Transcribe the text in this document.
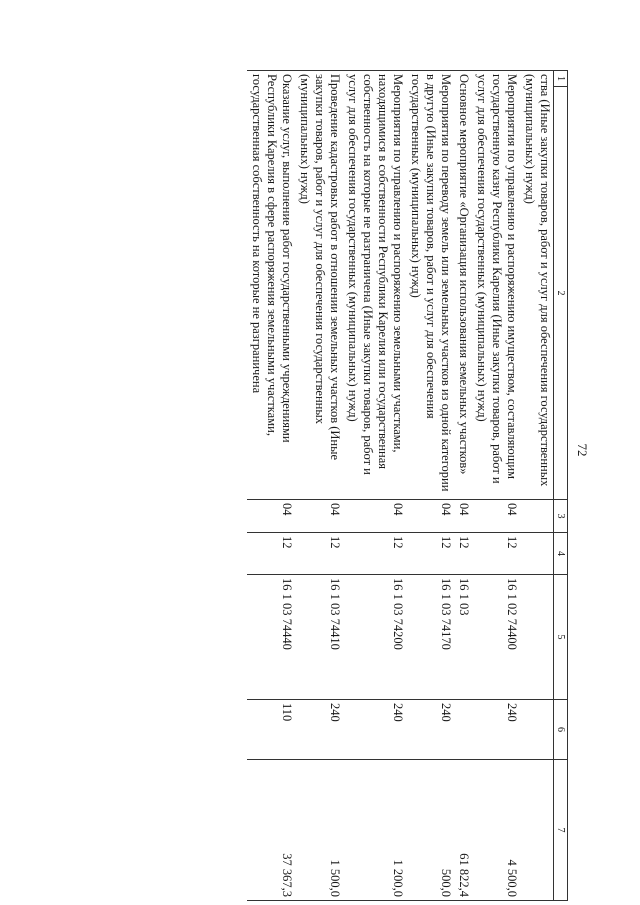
72
1	2	3	4	5	6	7
ства (Иные закупки товаров, работ и услуг для обеспечения государственных (муниципальных) нужд)						
Мероприятия по управлению и распоряжению имуществом, составляющим государственную казну Республики Карелия (Иные закупки товаров, работ и услуг для обеспечения государственных (муниципальных) нужд)		04	12	16 1 02 74400	240	4 500,0
Основное мероприятие «Организация использования земельных участков»		04	12	16 1 03		61 822,4
Мероприятия по переводу земель или земельных участков из одной категории в другую (Иные закупки товаров, работ и услуг для обеспечения государственных (муниципальных) нужд)		04	12	16 1 03 74170	240	500,0
Мероприятия по управлению и распоряжению земельными участками, находящимися в собственности Республики Карелия или государственная собственность на которые не разграничена (Иные закупки товаров, работ и услуг для обеспечения государственных (муниципальных) нужд)		04	12	16 1 03 74200	240	1 200,0
Проведение кадастровых работ в отношении земельных участков (Иные закупки товаров, работ и услуг для обеспечения государственных (муниципальных) нужд)		04	12	16 1 03 74410	240	1 500,0
Оказание услуг, выполнение работ государственными учреждениями Республики Карелия в сфере распоряжения земельными участками, государственная собственность на которые не разграничена		04	12	16 1 03 74440	110	37 367,3
